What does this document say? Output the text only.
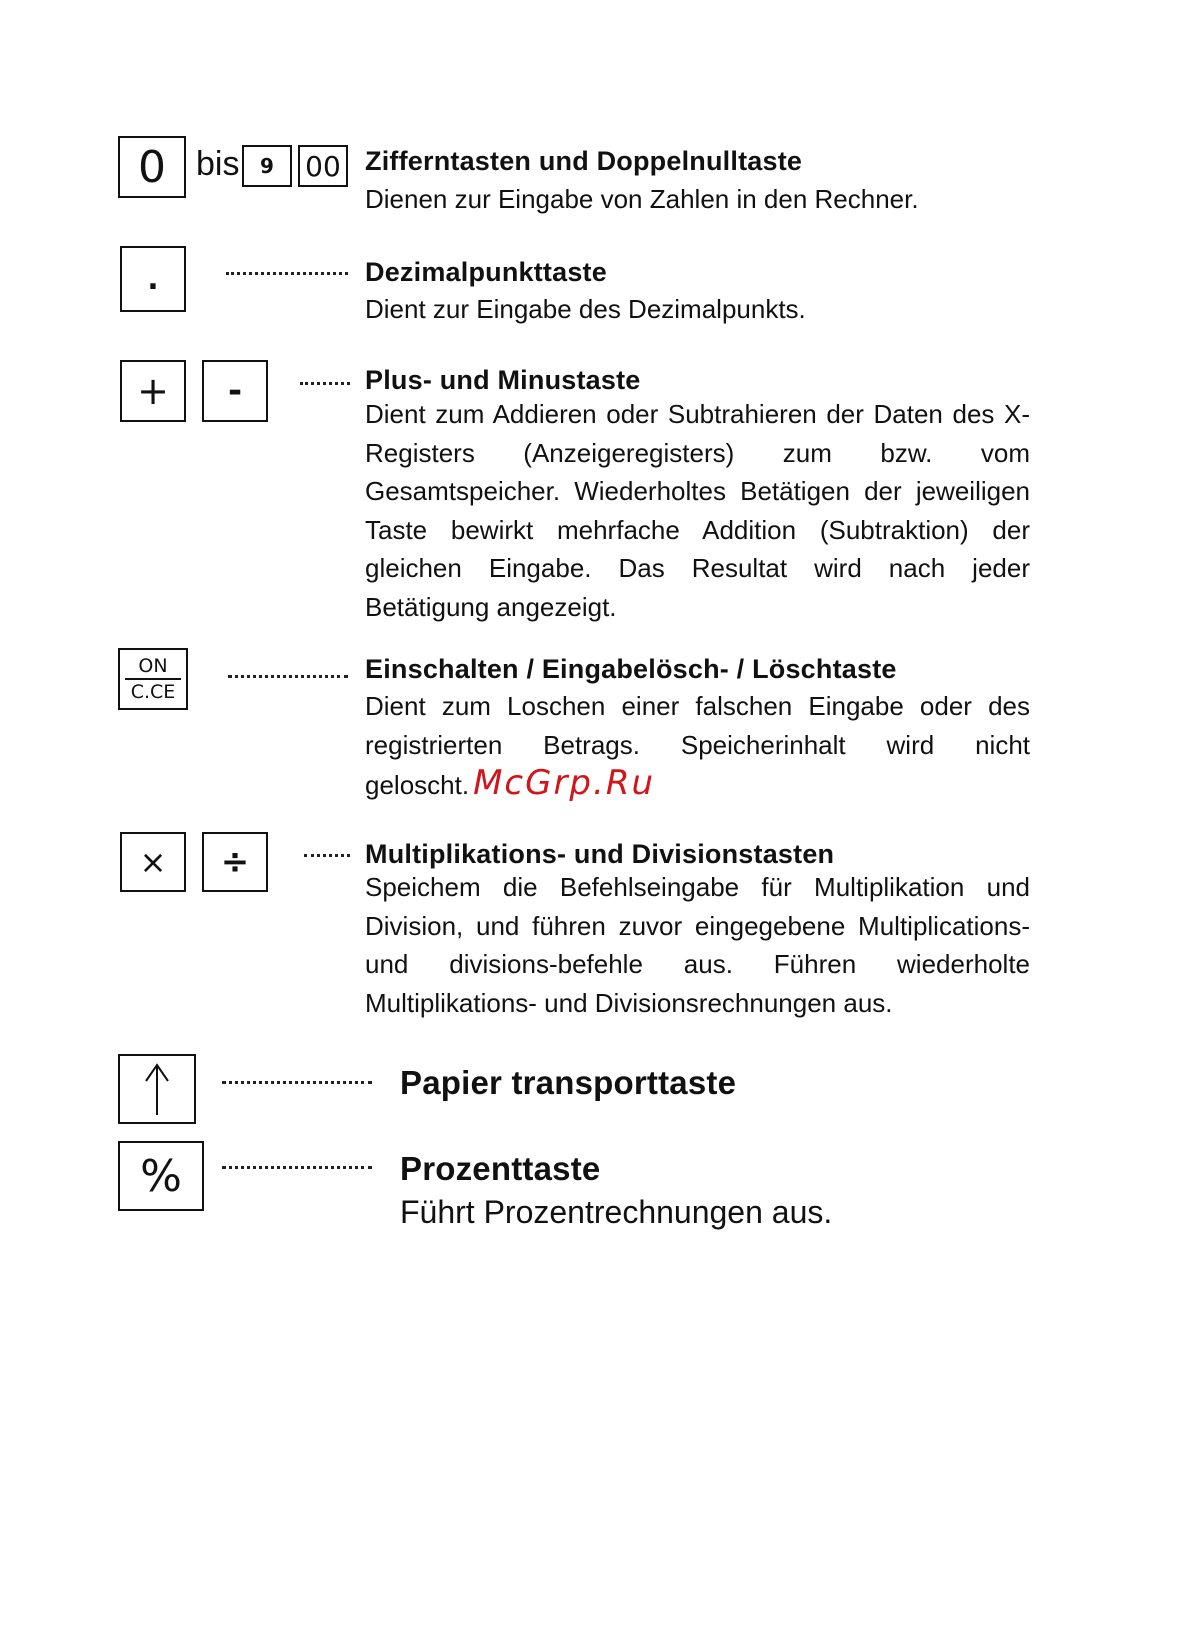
0 bis 9 00 Zifferntasten und Doppelnulltaste
Dienen zur Eingabe von Zahlen in den Rechner.
.	Dezimalpunkttaste
Dient zur Eingabe des Dezimalpunkts.
+ -	Plus- und Minustaste
Dient zum Addieren oder Subtrahieren der Daten des X-Registers (Anzeigeregisters) zum bzw. vom Gesamtspeicher. Wiederholtes Betätigen der jeweiligen Taste bewirkt mehrfache Addition (Subtraktion) der gleichen Eingabe. Das Resultat wird nach jeder Betätigung angezeigt.
$\frac{ON}{C.CE}$	Einschalten / Eingabelösch- / Löschtaste
Dient zum Loschen einer falschen Eingabe oder des registrierten Betrags. Speicherinhalt wird nicht geloscht. McGrp.Ru
× ÷	Multiplikations- und Divisionstasten
Speichem die Befehlseingabe für Multiplikation und Division, und führen zuvor eingegebene Multiplications- und divisions-befehle aus. Führen wiederholte Multiplikations- und Divisionsrechnungen aus.
Papier transporttaste
%	Prozenttaste
Führt Prozentrechnungen aus.
